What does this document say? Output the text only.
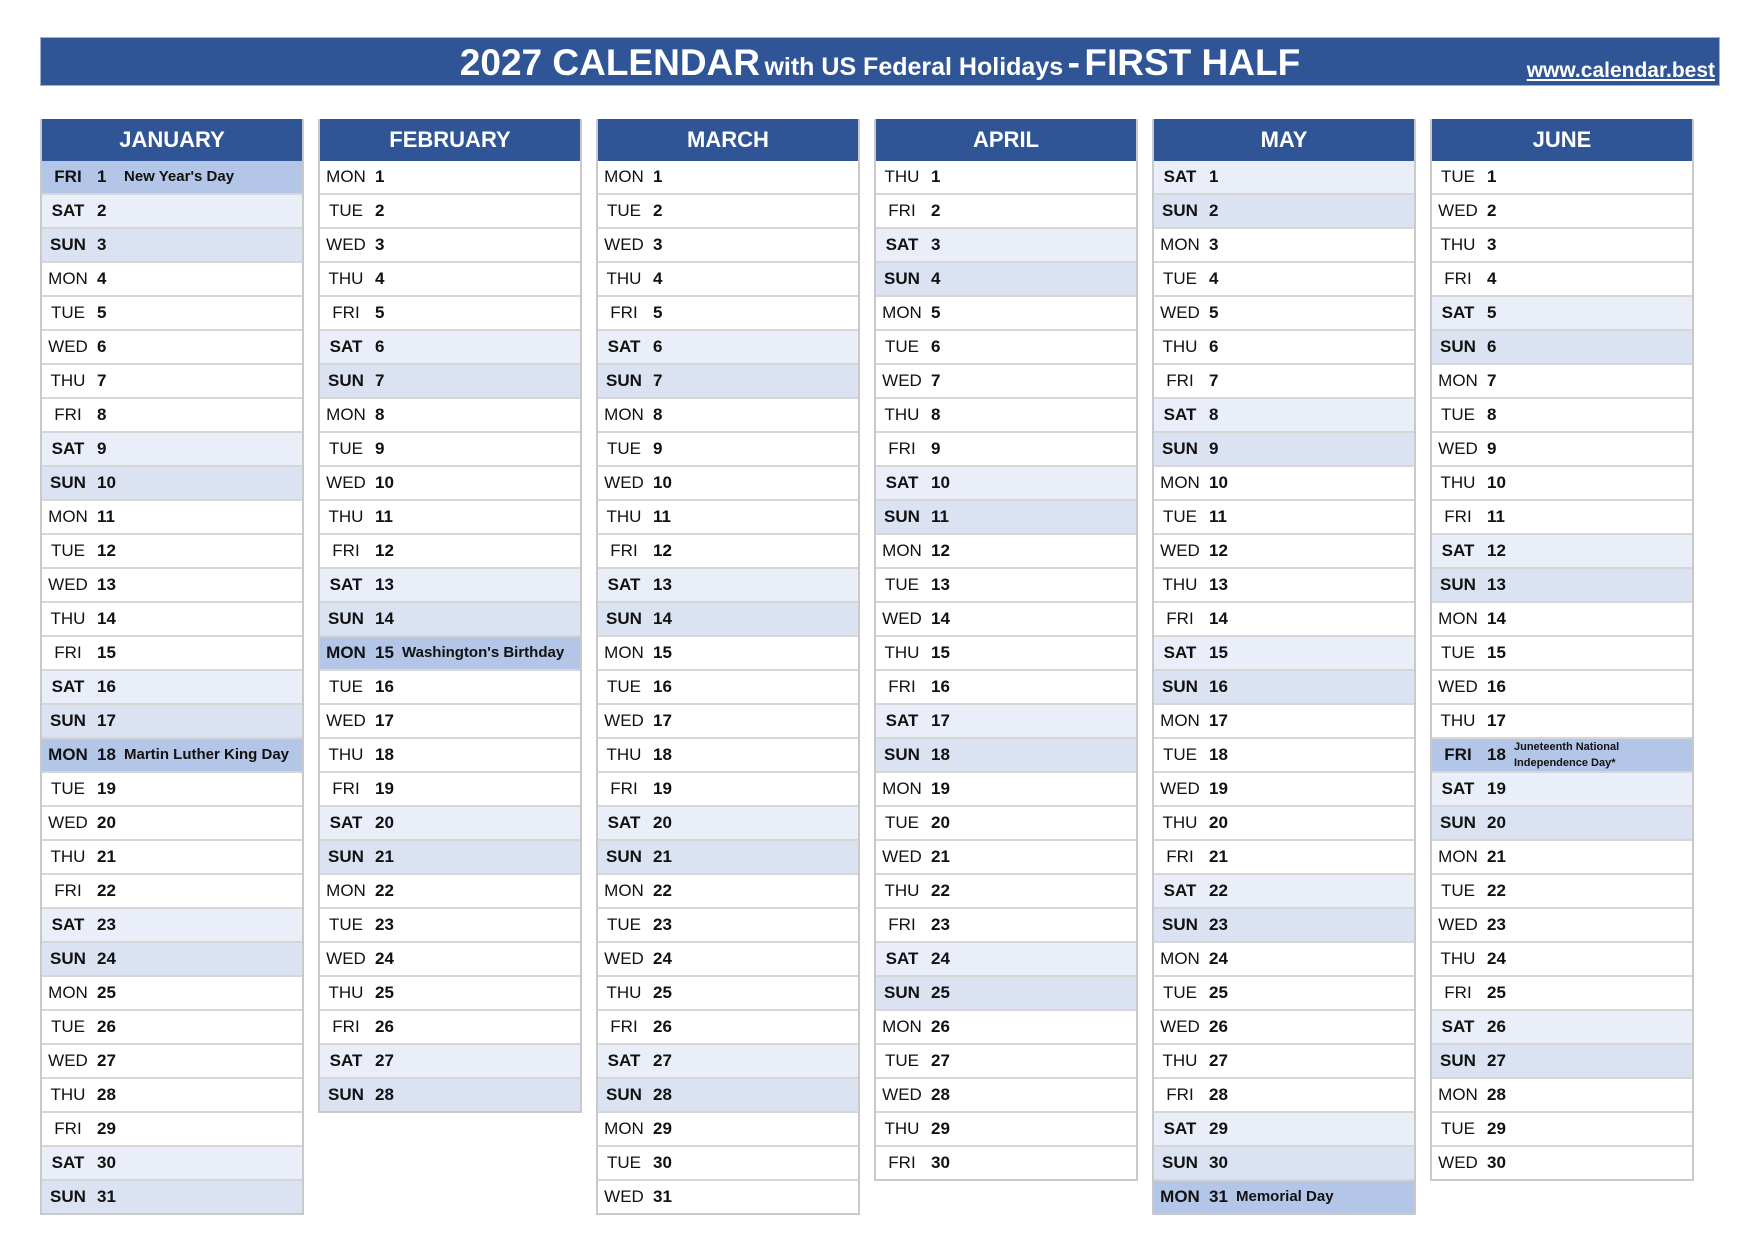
2027 CALENDAR with US Federal Holidays - FIRST HALF	www.calendar.best
JANUARY
FRI 1 New Year's Day
SAT 2
SUN 3
MON 4
TUE 5
WED 6
THU 7
FRI 8
SAT 9
SUN 10
MON 11
TUE 12
WED 13
THU 14
FRI 15
SAT 16
SUN 17
MON 18 Martin Luther King Day
TUE 19
WED 20
THU 21
FRI 22
SAT 23
SUN 24
MON 25
TUE 26
WED 27
THU 28
FRI 29
SAT 30
SUN 31
FEBRUARY
MON 1
TUE 2
WED 3
THU 4
FRI 5
SAT 6
SUN 7
MON 8
TUE 9
WED 10
THU 11
FRI 12
SAT 13
SUN 14
MON 15 Washington's Birthday
TUE 16
WED 17
THU 18
FRI 19
SAT 20
SUN 21
MON 22
TUE 23
WED 24
THU 25
FRI 26
SAT 27
SUN 28
MARCH
MON 1
TUE 2
WED 3
THU 4
FRI 5
SAT 6
SUN 7
MON 8
TUE 9
WED 10
THU 11
FRI 12
SAT 13
SUN 14
MON 15
TUE 16
WED 17
THU 18
FRI 19
SAT 20
SUN 21
MON 22
TUE 23
WED 24
THU 25
FRI 26
SAT 27
SUN 28
MON 29
TUE 30
WED 31
APRIL
THU 1
FRI 2
SAT 3
SUN 4
MON 5
TUE 6
WED 7
THU 8
FRI 9
SAT 10
SUN 11
MON 12
TUE 13
WED 14
THU 15
FRI 16
SAT 17
SUN 18
MON 19
TUE 20
WED 21
THU 22
FRI 23
SAT 24
SUN 25
MON 26
TUE 27
WED 28
THU 29
FRI 30
MAY
SAT 1
SUN 2
MON 3
TUE 4
WED 5
THU 6
FRI 7
SAT 8
SUN 9
MON 10
TUE 11
WED 12
THU 13
FRI 14
SAT 15
SUN 16
MON 17
TUE 18
WED 19
THU 20
FRI 21
SAT 22
SUN 23
MON 24
TUE 25
WED 26
THU 27
FRI 28
SAT 29
SUN 30
MON 31 Memorial Day
JUNE
TUE 1
WED 2
THU 3
FRI 4
SAT 5
SUN 6
MON 7
TUE 8
WED 9
THU 10
FRI 11
SAT 12
SUN 13
MON 14
TUE 15
WED 16
THU 17
FRI 18 Juneteenth National Independence Day*
SAT 19
SUN 20
MON 21
TUE 22
WED 23
THU 24
FRI 25
SAT 26
SUN 27
MON 28
TUE 29
WED 30
